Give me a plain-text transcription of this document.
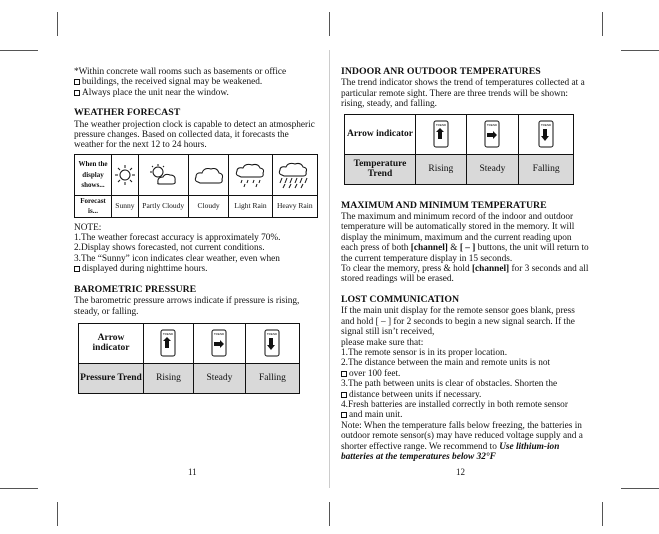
*Within concrete wall rooms such as basements or office

buildings, the received signal may be weakened.

Always place the unit near the window.

WEATHER FORECAST

The weather projection clock is capable to detect an atmospheric pressure changes. Based on collected data, it forecasts the weather for the next 12 to 24 hours.

When the display shows...	

Forecast is...	Sunny	Partly Cloudy	Cloudy	Light Rain	Heavy Rain

NOTE:

1.The weather forecast accuracy is approximately 70%.

2.Display shows forecasted, not current conditions.

3.The “Sunny” icon indicates clear weather, even when

displayed during nighttime hours.

BAROMETRIC PRESSURE

The barometric pressure arrows indicate if pressure is rising, steady, or falling.

Arrow indicator	TREND	TREND	TREND

Pressure Trend	Rising	Steady	Falling
11
INDOOR ANR OUTDOOR TEMPERATURES

The trend indicator shows the trend of temperatures collected at a particular remote sight. There are three trends will be shown: rising, steady, and falling.

Arrow indicator	TREND	TREND	TREND

Temperature Trend	Rising	Steady	Falling
MAXIMUM AND MINIMUM TEMPERATURE

The maximum and minimum record of the indoor and outdoor temperature will be automatically stored in the memory. It will display the minimum, maximum and the current reading upon each press of both [channel] & [ – ] buttons, the unit will return to the current temperature display in 15 seconds.

To clear the memory, press & hold [channel] for 3 seconds and all stored readings will be erased.

LOST COMMUNICATION

If the main unit display for the remote sensor goes blank, press and hold [ – ] for 2 seconds to begin a new signal search. If the signal still isn’t received,

please make sure that:

1.The remote sensor is in its proper location.

2.The distance between the main and remote units is not

over 100 feet.

3.The path between units is clear of obstacles. Shorten the

distance between units if necessary.

4.Fresh batteries are installed correctly in both remote sensor

and main unit.

Note: When the temperature falls below freezing, the batteries in outdoor remote sensor(s) may have reduced voltage supply and a shorter effective range. We recommend to Use lithium-ion batteries at the temperatures below 32°F

12
